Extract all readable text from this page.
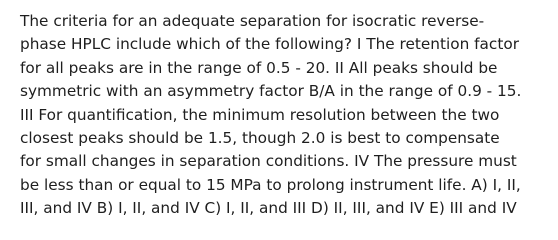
The criteria for an adequate separation for isocratic reverse-
phase HPLC include which of the following? I The retention factor
for all peaks are in the range of 0.5 - 20. II All peaks should be
symmetric with an asymmetry factor B/A in the range of 0.9 - 15.
III For quantification, the minimum resolution between the two
closest peaks should be 1.5, though 2.0 is best to compensate
for small changes in separation conditions. IV The pressure must
be less than or equal to 15 MPa to prolong instrument life. A) I, II,
III, and IV B) I, II, and IV C) I, II, and III D) II, III, and IV E) III and IV
